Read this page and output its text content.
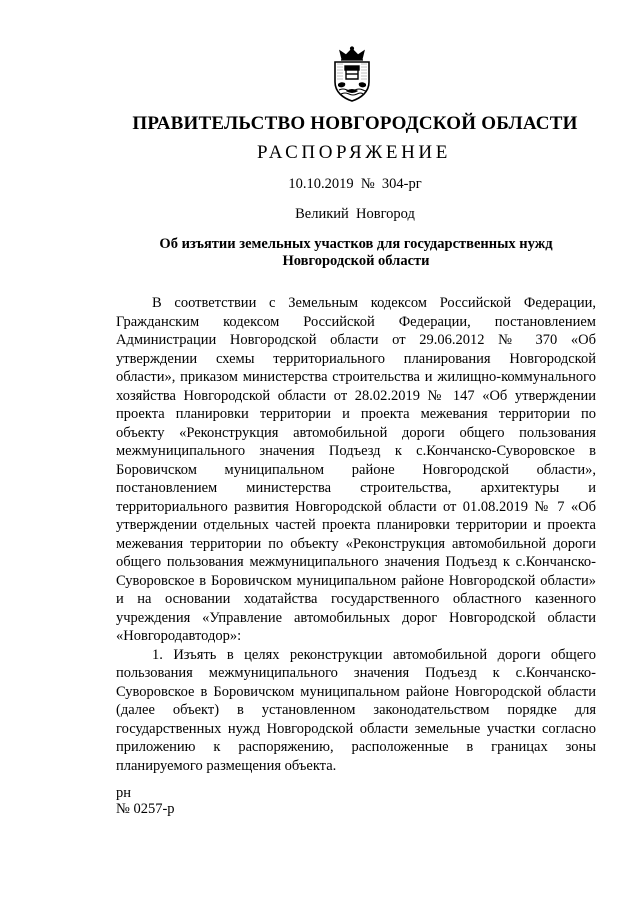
ПРАВИТЕЛЬСТВО НОВГОРОДСКОЙ ОБЛАСТИ
РАСПОРЯЖЕНИЕ
10.10.2019  №  304-рг
Великий  Новгород
Об изъятии земельных участков для государственных нужд Новгородской области

В соответствии с Земельным кодексом Российской Федерации, Гражданским кодексом Российской Федерации, постановлением Администрации Новгородской области от 29.06.2012 № 370 «Об утверждении схемы территориального планирования Новгородской области», приказом министерства строительства и жилищно-коммунального хозяйства Новгородской области от 28.02.2019 № 147 «Об утверждении проекта планировки территории и проекта межевания территории по объекту «Реконструкция автомобильной дороги общего пользования межмуниципального значения Подъезд к с.Кончанско-Суворовское в Боровичском муниципальном районе Новгородской области», постановлением министерства строительства, архитектуры и территориального развития Новгородской области от 01.08.2019 № 7 «Об утверждении отдельных частей проекта планировки территории и проекта межевания территории по объекту «Реконструкция автомобильной дороги общего пользования межмуниципального значения Подъезд к с.Кончанско-Суворовское в Боровичском муниципальном районе Новгородской области» и на основании ходатайства государственного областного казенного учреждения «Управление автомобильных дорог Новгородской области «Новгородавтодор»:

1. Изъять в целях реконструкции автомобильной дороги общего пользования межмуниципального значения Подъезд к с.Кончанско-Суворовское в Боровичском муниципальном районе Новгородской области (далее объект) в установленном законодательством порядке для государственных нужд Новгородской области земельные участки согласно приложению к распоряжению, расположенные в границах зоны планируемого размещения объекта.

рн
№ 0257-р
